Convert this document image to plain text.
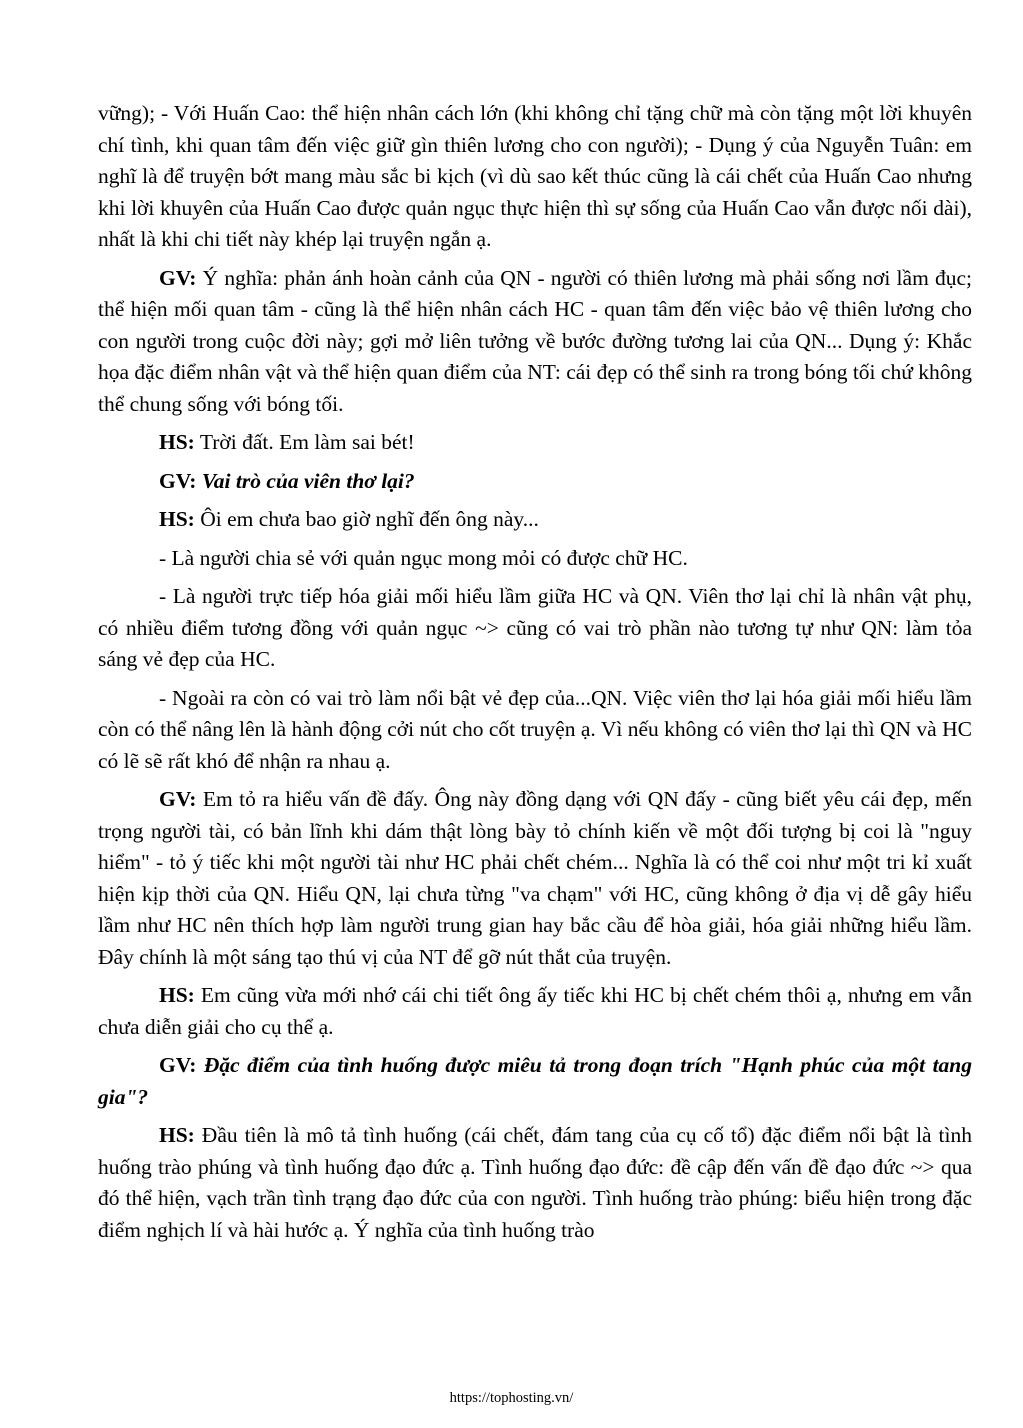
vững); - Với Huấn Cao: thể hiện nhân cách lớn (khi không chỉ tặng chữ mà còn tặng một lời khuyên chí tình, khi quan tâm đến việc giữ gìn thiên lương cho con người); - Dụng ý của Nguyễn Tuân: em nghĩ là để truyện bớt mang màu sắc bi kịch (vì dù sao kết thúc cũng là cái chết của Huấn Cao nhưng khi lời khuyên của Huấn Cao được quản ngục thực hiện thì sự sống của Huấn Cao vẫn được nối dài), nhất là khi chi tiết này khép lại truyện ngắn ạ.

GV: Ý nghĩa: phản ánh hoàn cảnh của QN - người có thiên lương mà phải sống nơi lầm đục; thể hiện mối quan tâm - cũng là thể hiện nhân cách HC - quan tâm đến việc bảo vệ thiên lương cho con người trong cuộc đời này; gợi mở liên tưởng về bước đường tương lai của QN... Dụng ý: Khắc họa đặc điểm nhân vật và thể hiện quan điểm của NT: cái đẹp có thể sinh ra trong bóng tối chứ không thể chung sống với bóng tối.

HS: Trời đất. Em làm sai bét!

GV: Vai trò của viên thơ lại?

HS: Ôi em chưa bao giờ nghĩ đến ông này...

- Là người chia sẻ với quản ngục mong mỏi có được chữ HC.

- Là người trực tiếp hóa giải mối hiểu lầm giữa HC và QN. Viên thơ lại chỉ là nhân vật phụ, có nhiều điểm tương đồng với quản ngục ~> cũng có vai trò phần nào tương tự như QN: làm tỏa sáng vẻ đẹp của HC.

- Ngoài ra còn có vai trò làm nổi bật vẻ đẹp của...QN. Việc viên thơ lại hóa giải mối hiểu lầm còn có thể nâng lên là hành động cởi nút cho cốt truyện ạ. Vì nếu không có viên thơ lại thì QN và HC có lẽ sẽ rất khó để nhận ra nhau ạ.

GV: Em tỏ ra hiểu vấn đề đấy. Ông này đồng dạng với QN đấy - cũng biết yêu cái đẹp, mến trọng người tài, có bản lĩnh khi dám thật lòng bày tỏ chính kiến về một đối tượng bị coi là "nguy hiểm" - tỏ ý tiếc khi một người tài như HC phải chết chém... Nghĩa là có thể coi như một tri kỉ xuất hiện kịp thời của QN. Hiểu QN, lại chưa từng "va chạm" với HC, cũng không ở địa vị dễ gây hiểu lầm như HC nên thích hợp làm người trung gian hay bắc cầu để hòa giải, hóa giải những hiểu lầm. Đây chính là một sáng tạo thú vị của NT để gỡ nút thắt của truyện.

HS: Em cũng vừa mới nhớ cái chi tiết ông ấy tiếc khi HC bị chết chém thôi ạ, nhưng em vẫn chưa diễn giải cho cụ thể ạ.

GV: Đặc điểm của tình huống được miêu tả trong đoạn trích "Hạnh phúc của một tang gia"?

HS: Đầu tiên là mô tả tình huống (cái chết, đám tang của cụ cố tổ) đặc điểm nổi bật là tình huống trào phúng và tình huống đạo đức ạ. Tình huống đạo đức: đề cập đến vấn đề đạo đức ~> qua đó thể hiện, vạch trần tình trạng đạo đức của con người. Tình huống trào phúng: biểu hiện trong đặc điểm nghịch lí và hài hước ạ. Ý nghĩa của tình huống trào

https://tophosting.vn/
